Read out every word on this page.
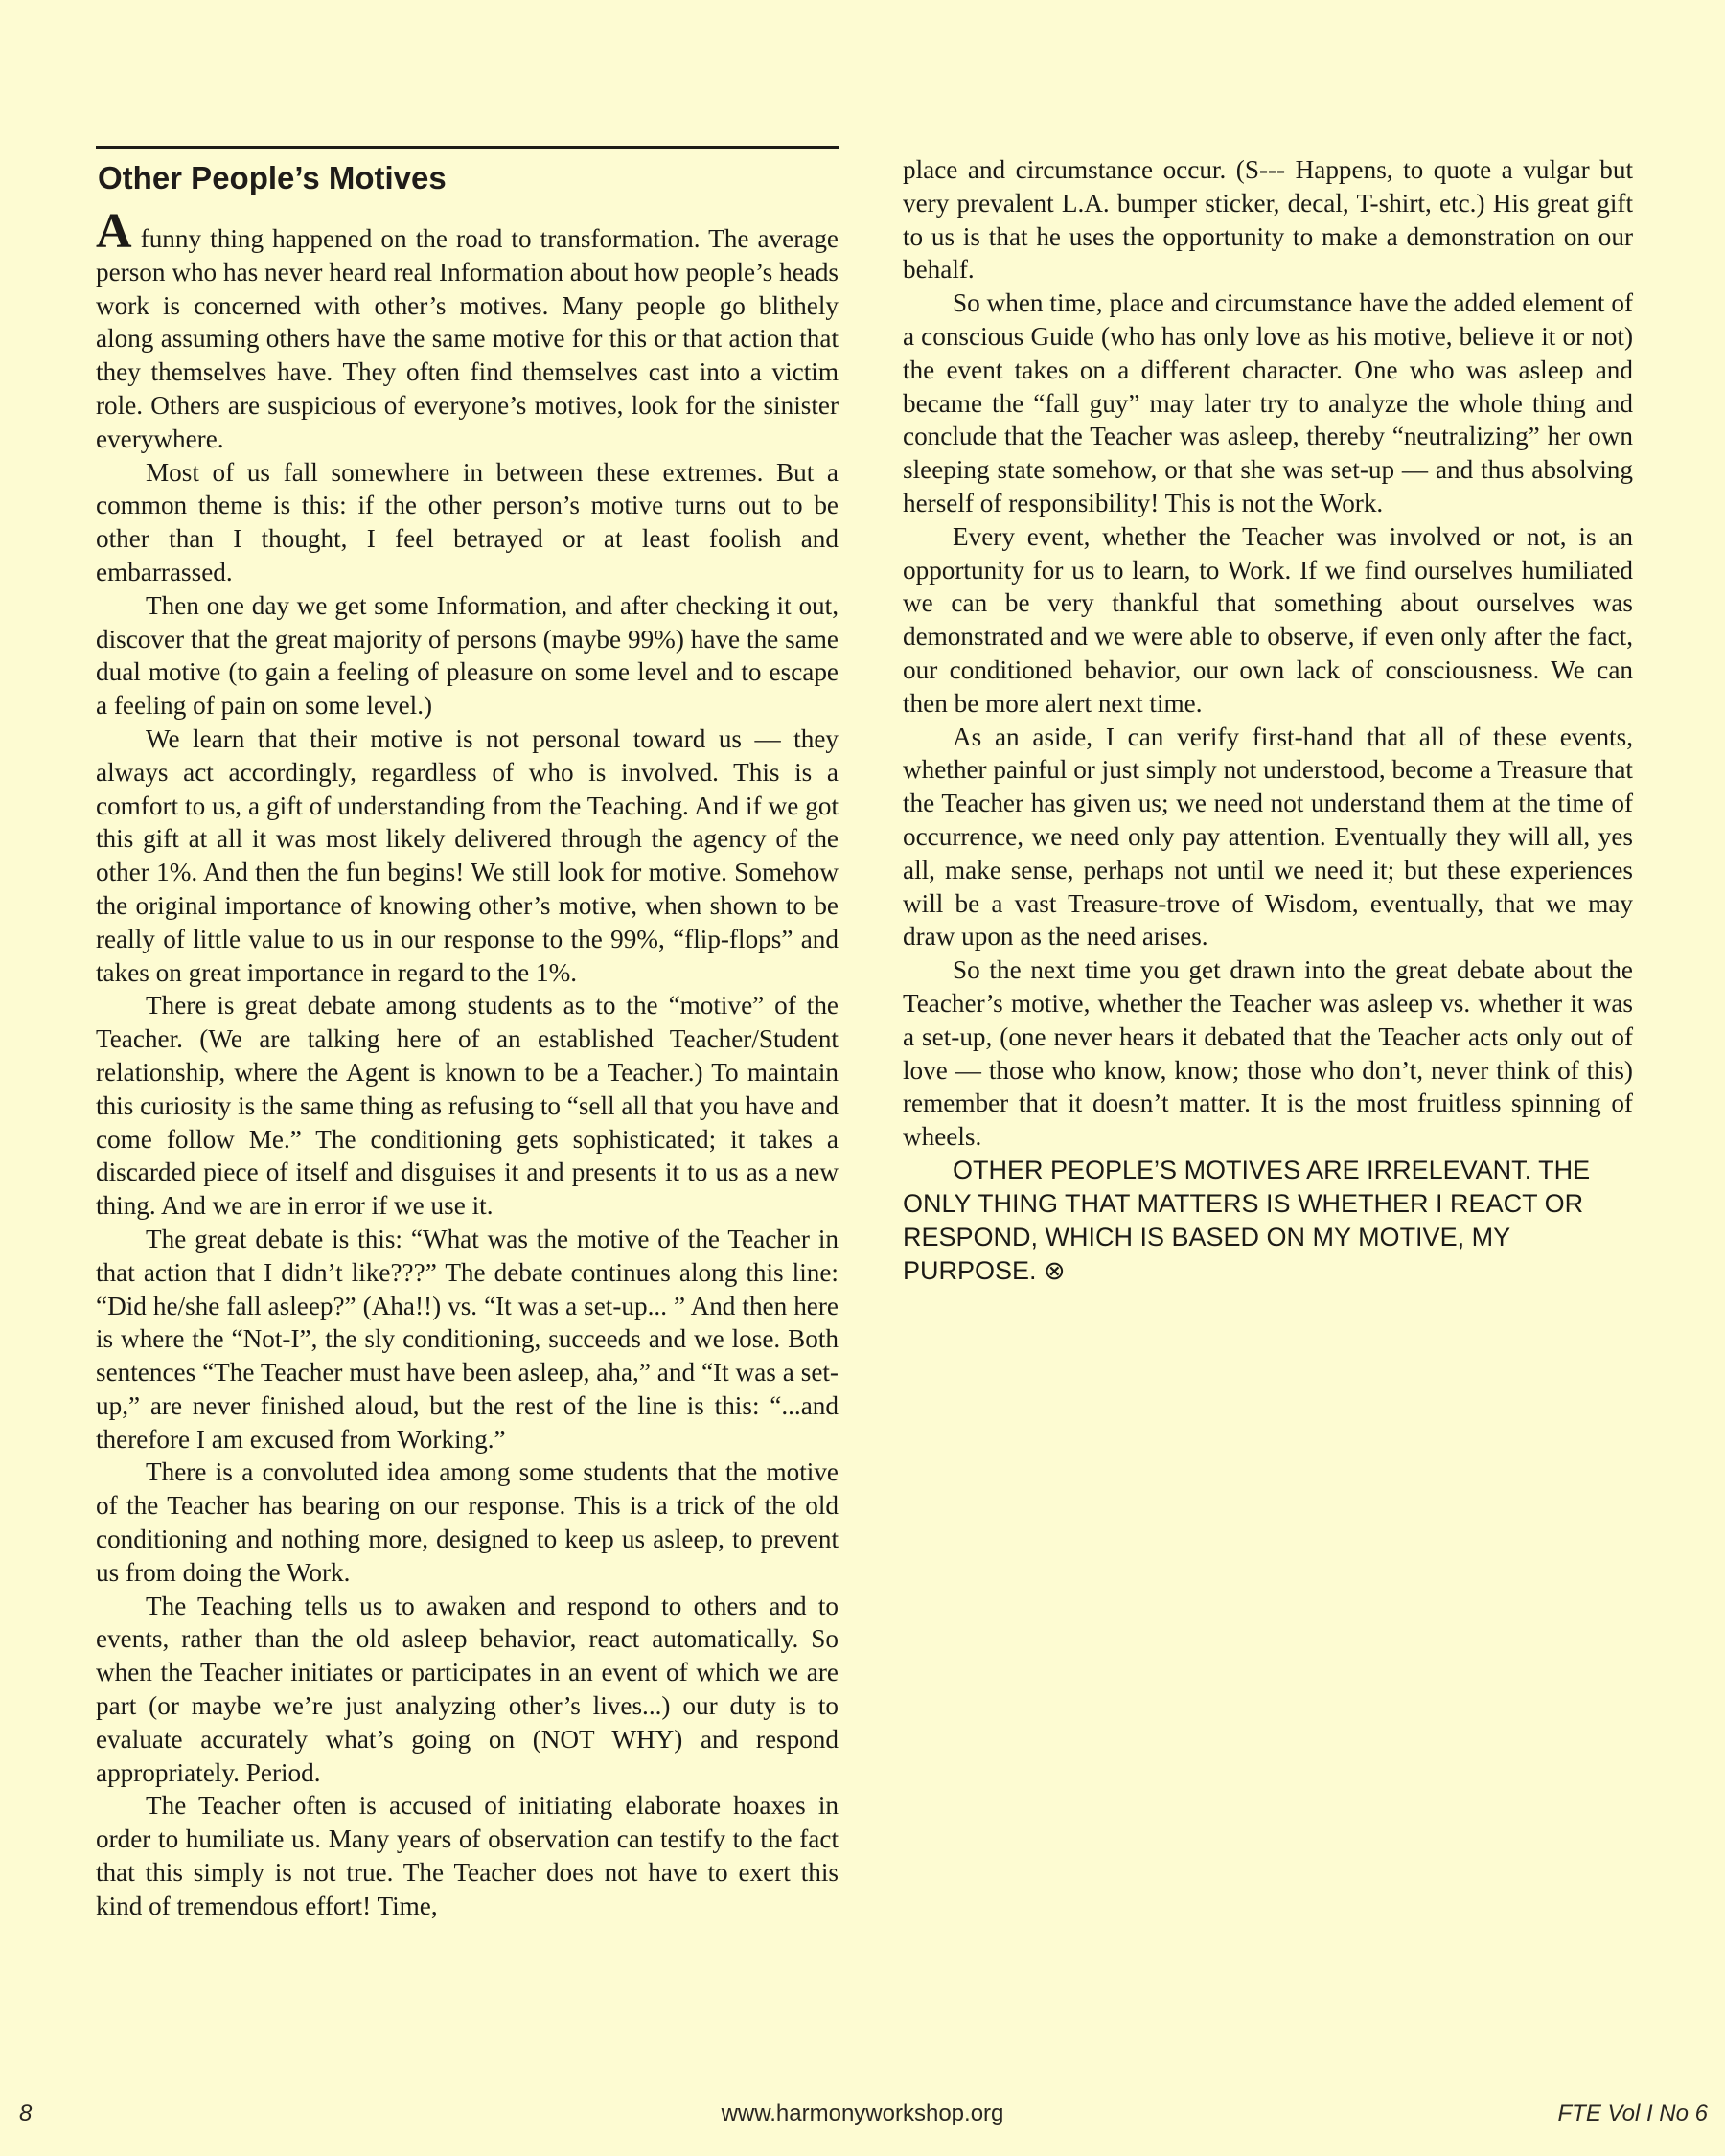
Other People’s Motives

A funny thing happened on the road to transformation. The average person who has never heard real Information about how people’s heads work is concerned with other’s motives. Many people go blithely along assuming others have the same motive for this or that action that they themselves have. They often find themselves cast into a victim role. Others are suspicious of everyone’s motives, look for the sinister everywhere.

Most of us fall somewhere in between these extremes. But a common theme is this: if the other person’s motive turns out to be other than I thought, I feel betrayed or at least foolish and embarrassed.

Then one day we get some Information, and after checking it out, discover that the great majority of persons (maybe 99%) have the same dual motive (to gain a feeling of pleasure on some level and to escape a feeling of pain on some level.)

We learn that their motive is not personal toward us — they always act accordingly, regardless of who is involved. This is a comfort to us, a gift of understanding from the Teaching. And if we got this gift at all it was most likely delivered through the agency of the other 1%. And then the fun begins! We still look for motive. Somehow the original importance of knowing other’s motive, when shown to be really of little value to us in our response to the 99%, “flip-flops” and takes on great importance in regard to the 1%.

There is great debate among students as to the “motive” of the Teacher. (We are talking here of an established Teacher/Student relationship, where the Agent is known to be a Teacher.) To maintain this curiosity is the same thing as refusing to “sell all that you have and come follow Me.” The conditioning gets sophisticated; it takes a discarded piece of itself and disguises it and presents it to us as a new thing. And we are in error if we use it.

The great debate is this: “What was the motive of the Teacher in that action that I didn’t like???” The debate continues along this line: “Did he/she fall asleep?” (Aha!!) vs. “It was a set-up... ” And then here is where the “Not-I”, the sly conditioning, succeeds and we lose. Both sentences “The Teacher must have been asleep, aha,” and “It was a set-up,” are never finished aloud, but the rest of the line is this: “...and therefore I am excused from Working.”

There is a convoluted idea among some students that the motive of the Teacher has bearing on our response. This is a trick of the old conditioning and nothing more, designed to keep us asleep, to prevent us from doing the Work.

The Teaching tells us to awaken and respond to others and to events, rather than the old asleep behavior, react automatically. So when the Teacher initiates or participates in an event of which we are part (or maybe we’re just analyzing other’s lives...) our duty is to evaluate accurately what’s going on (NOT WHY) and respond appropriately. Period.

The Teacher often is accused of initiating elaborate hoaxes in order to humiliate us. Many years of observation can testify to the fact that this simply is not true. The Teacher does not have to exert this kind of tremendous effort! Time,

place and circumstance occur. (S--- Happens, to quote a vulgar but very prevalent L.A. bumper sticker, decal, T-shirt, etc.) His great gift to us is that he uses the opportunity to make a demonstration on our behalf.

So when time, place and circumstance have the added element of a conscious Guide (who has only love as his motive, believe it or not) the event takes on a different character. One who was asleep and became the “fall guy” may later try to analyze the whole thing and conclude that the Teacher was asleep, thereby “neutralizing” her own sleeping state somehow, or that she was set-up — and thus absolving herself of responsibility! This is not the Work.

Every event, whether the Teacher was involved or not, is an opportunity for us to learn, to Work. If we find ourselves humiliated we can be very thankful that something about ourselves was demonstrated and we were able to observe, if even only after the fact, our conditioned behavior, our own lack of consciousness. We can then be more alert next time.

As an aside, I can verify first-hand that all of these events, whether painful or just simply not understood, become a Treasure that the Teacher has given us; we need not understand them at the time of occurrence, we need only pay attention. Eventually they will all, yes all, make sense, perhaps not until we need it; but these experiences will be a vast Treasure-trove of Wisdom, eventually, that we may draw upon as the need arises.

So the next time you get drawn into the great debate about the Teacher’s motive, whether the Teacher was asleep vs. whether it was a set-up, (one never hears it debated that the Teacher acts only out of love — those who know, know; those who don’t, never think of this) remember that it doesn’t matter. It is the most fruitless spinning of wheels.

OTHER PEOPLE’S MOTIVES ARE IRRELEVANT. THE ONLY THING THAT MATTERS IS WHETHER I REACT OR RESPOND, WHICH IS BASED ON MY MOTIVE, MY PURPOSE. ⊗

8	www.harmonyworkshop.org	FTE Vol I No 6
